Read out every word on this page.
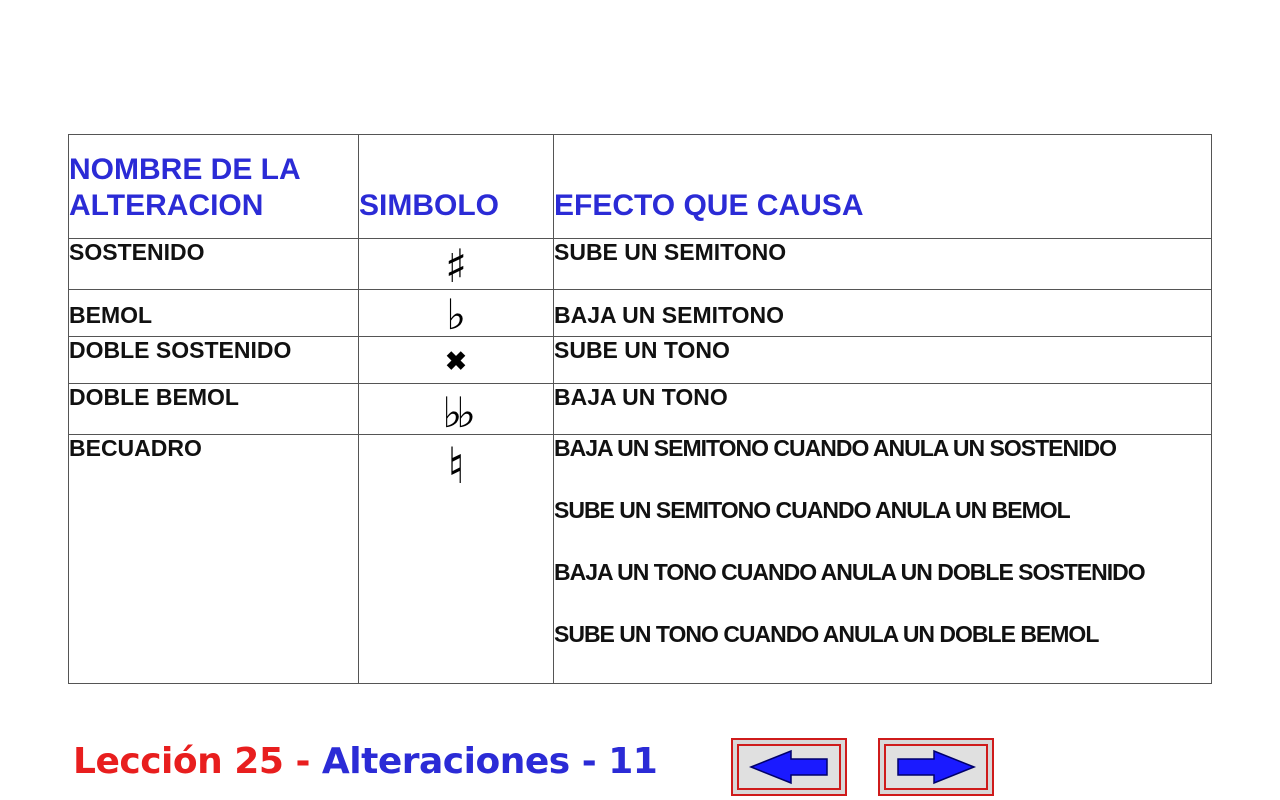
NOMBRE DE LA ALTERACION	SIMBOLO	EFECTO QUE CAUSA
SOSTENIDO	♯	SUBE UN SEMITONO
BEMOL	♭	BAJA UN SEMITONO
DOBLE SOSTENIDO	✖	SUBE UN TONO
DOBLE BEMOL	♭♭	BAJA UN TONO
BECUADRO	♮	BAJA UN SEMITONO CUANDO ANULA UN SOSTENIDO
SUBE UN SEMITONO CUANDO ANULA UN BEMOL
BAJA UN TONO CUANDO ANULA UN DOBLE SOSTENIDO
SUBE UN TONO CUANDO ANULA UN DOBLE BEMOL
Lección 25 - Alteraciones - 11
